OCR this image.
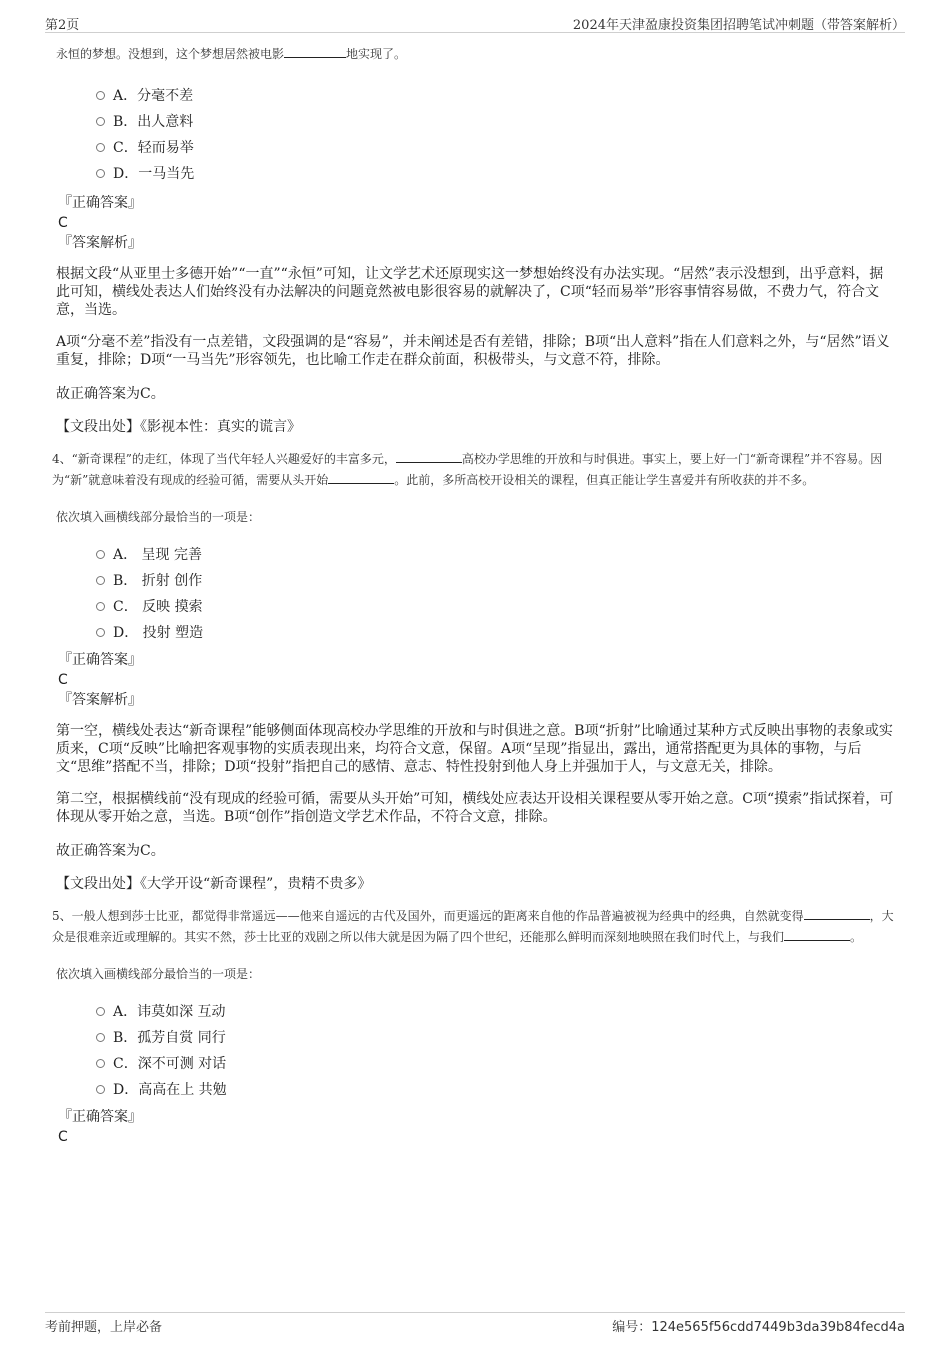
第2页	2024年天津盈康投资集团招聘笔试冲刺题（带答案解析）
永恒的梦想。没想到，这个梦想居然被电影	地实现了。
A．分毫不差
B．出人意料
C．轻而易举
D．一马当先
『正确答案』
C
『答案解析』

根据文段“从亚里士多德开始”“一直”“永恒”可知，让文学艺术还原现实这一梦想始终没有办法实现。“居然”表示没想到，出乎意料，据此可知，横线处表达人们始终没有办法解决的问题竟然被电影很容易的就解决了，C项“轻而易举”形容事情容易做，不费力气，符合文意，当选。

A项“分毫不差”指没有一点差错，文段强调的是“容易”，并未阐述是否有差错，排除；B项“出人意料”指在人们意料之外，与“居然”语义重复，排除；D项“一马当先”形容领先，也比喻工作走在群众前面，积极带头，与文意不符，排除。

故正确答案为C。

【文段出处】《影视本性：真实的谎言》
4、“新奇课程”的走红，体现了当代年轻人兴趣爱好的丰富多元，	高校办学思维的开放和与时俱进。事实上，要上好一门“新奇课程”并不容易。因为“新”就意味着没有现成的经验可循，需要从头开始	。此前，多所高校开设相关的课程，但真正能让学生喜爱并有所收获的并不多。
依次填入画横线部分最恰当的一项是：
A． 呈现 完善
B． 折射 创作
C． 反映 摸索
D． 投射 塑造
『正确答案』
C
『答案解析』

第一空，横线处表达“新奇课程”能够侧面体现高校办学思维的开放和与时俱进之意。B项“折射”比喻通过某种方式反映出事物的表象或实质来，C项“反映”比喻把客观事物的实质表现出来，均符合文意，保留。A项“呈现”指显出，露出，通常搭配更为具体的事物，与后文“思维”搭配不当，排除；D项“投射”指把自己的感情、意志、特性投射到他人身上并强加于人，与文意无关，排除。

第二空，根据横线前“没有现成的经验可循，需要从头开始”可知，横线处应表达开设相关课程要从零开始之意。C项“摸索”指试探着，可体现从零开始之意，当选。B项“创作”指创造文学艺术作品，不符合文意，排除。

故正确答案为C。

【文段出处】《大学开设“新奇课程”，贵精不贵多》
5、一般人想到莎士比亚，都觉得非常遥远——他来自遥远的古代及国外，而更遥远的距离来自他的作品普遍被视为经典中的经典，自然就变得	，大众是很难亲近或理解的。其实不然，莎士比亚的戏剧之所以伟大就是因为隔了四个世纪，还能那么鲜明而深刻地映照在我们时代上，与我们	。
依次填入画横线部分最恰当的一项是：
A．讳莫如深 互动
B．孤芳自赏 同行
C．深不可测 对话
D．高高在上 共勉
『正确答案』
C
考前押题，上岸必备	编号：124e565f56cdd7449b3da39b84fecd4a
